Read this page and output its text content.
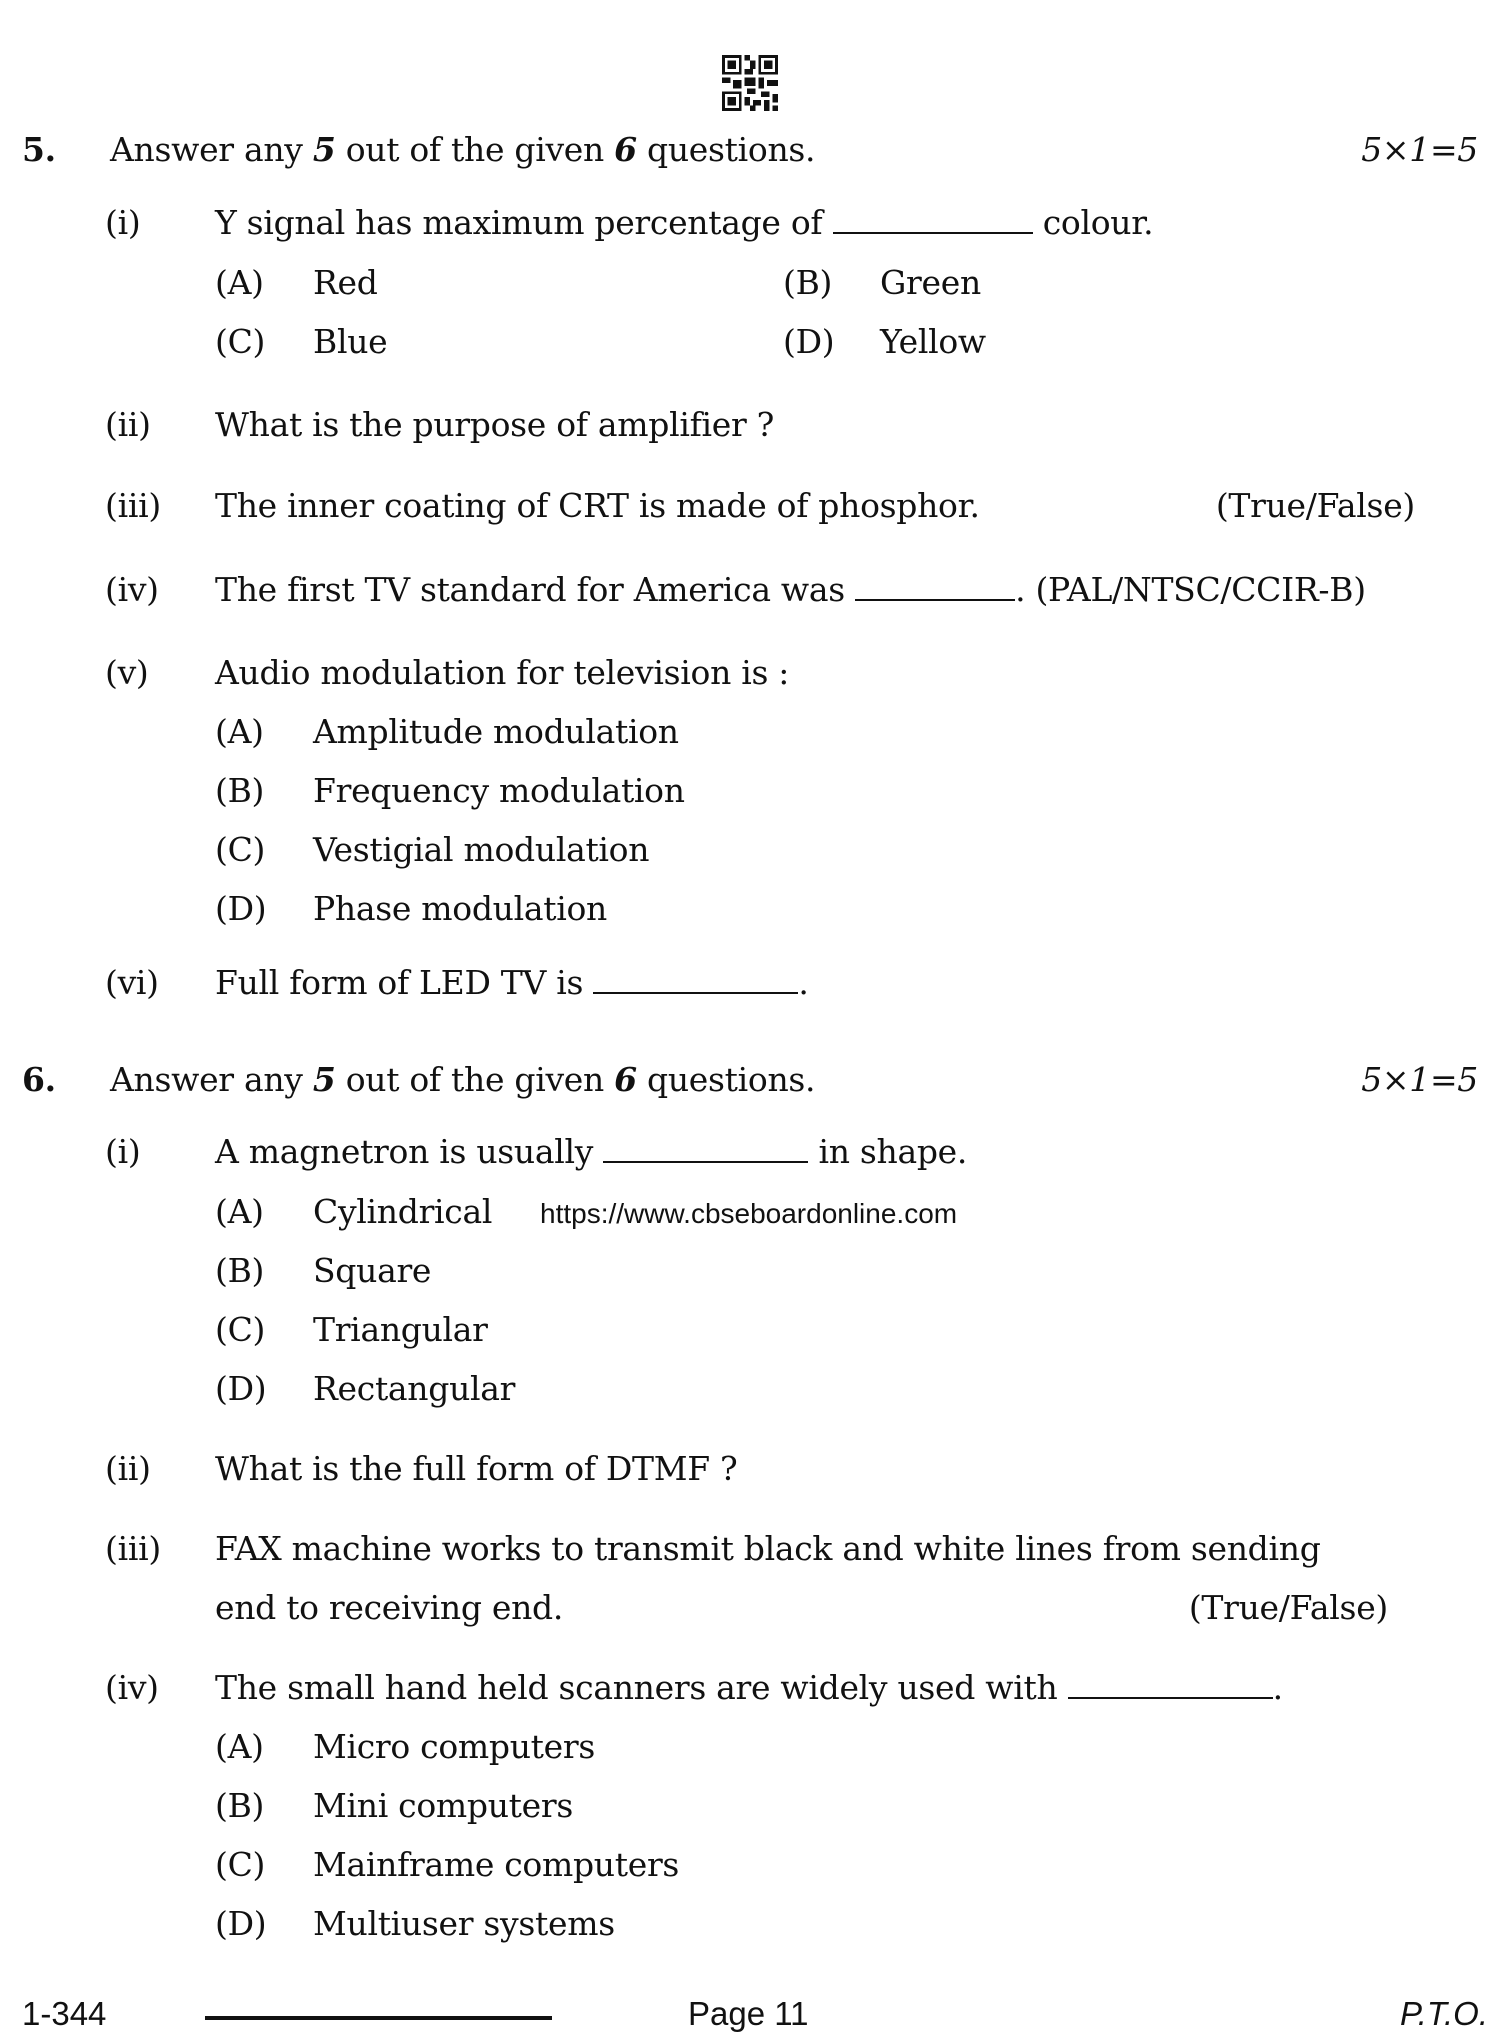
5. Answer any 5 out of the given 6 questions.	5×1=5
(i) Y signal has maximum percentage of	colour.
(A) Red	(B) Green
(C) Blue	(D) Yellow
(ii) What is the purpose of amplifier ?
(iii) The inner coating of CRT is made of phosphor.	(True/False)
(iv) The first TV standard for America was	. (PAL/NTSC/CCIR-B)
(v) Audio modulation for television is :
(A) Amplitude modulation
(B) Frequency modulation
(C) Vestigial modulation
(D) Phase modulation
(vi) Full form of LED TV is	.
6. Answer any 5 out of the given 6 questions.	5×1=5
(i) A magnetron is usually	in shape.
(A) Cylindrical https://www.cbseboardonline.com
(B) Square
(C) Triangular
(D) Rectangular
(ii) What is the full form of DTMF ?
(iii) FAX machine works to transmit black and white lines from sending
end to receiving end.	(True/False)
(iv) The small hand held scanners are widely used with	.
(A) Micro computers
(B) Mini computers
(C) Mainframe computers
(D) Multiuser systems
1-344	Page 11	P.T.O.
